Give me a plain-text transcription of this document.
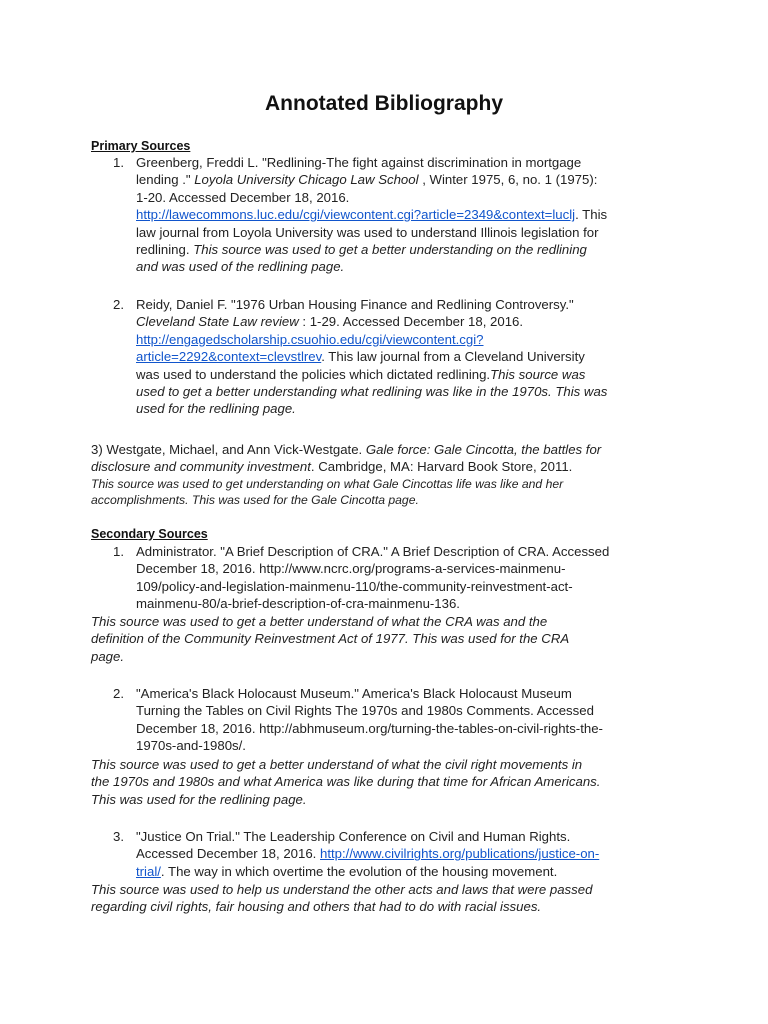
Annotated Bibliography
Primary Sources
1. Greenberg, Freddi L. "Redlining-The fight against discrimination in mortgage
lending ." Loyola University Chicago Law School , Winter 1975, 6, no. 1 (1975):
1-20. Accessed December 18, 2016.
http://lawecommons.luc.edu/cgi/viewcontent.cgi?article=2349&context=luclj. This
law journal from Loyola University was used to understand Illinois legislation for
redlining. This source was used to get a better understanding on the redlining
and was used of the redlining page.
2. Reidy, Daniel F. "1976 Urban Housing Finance and Redlining Controversy."
Cleveland State Law review : 1-29. Accessed December 18, 2016.
http://engagedscholarship.csuohio.edu/cgi/viewcontent.cgi?
article=2292&context=clevstlrev. This law journal from a Cleveland University
was used to understand the policies which dictated redlining.This source was
used to get a better understanding what redlining was like in the 1970s. This was
used for the redlining page.
3) Westgate, Michael, and Ann Vick-Westgate. Gale force: Gale Cincotta, the battles for
disclosure and community investment. Cambridge, MA: Harvard Book Store, 2011.
This source was used to get understanding on what Gale Cincottas life was like and her
accomplishments. This was used for the Gale Cincotta page.
Secondary Sources
1. Administrator. "A Brief Description of CRA." A Brief Description of CRA. Accessed
December 18, 2016. http://www.ncrc.org/programs-a-services-mainmenu-
109/policy-and-legislation-mainmenu-110/the-community-reinvestment-act-
mainmenu-80/a-brief-description-of-cra-mainmenu-136.
This source was used to get a better understand of what the CRA was and the
definition of the Community Reinvestment Act of 1977. This was used for the CRA
page.
2. "America's Black Holocaust Museum." America's Black Holocaust Museum
Turning the Tables on Civil Rights The 1970s and 1980s Comments. Accessed
December 18, 2016. http://abhmuseum.org/turning-the-tables-on-civil-rights-the-
1970s-and-1980s/.
This source was used to get a better understand of what the civil right movements in
the 1970s and 1980s and what America was like during that time for African Americans.
This was used for the redlining page.
3. "Justice On Trial." The Leadership Conference on Civil and Human Rights.
Accessed December 18, 2016. http://www.civilrights.org/publications/justice-on-
trial/. The way in which overtime the evolution of the housing movement.
This source was used to help us understand the other acts and laws that were passed
regarding civil rights, fair housing and others that had to do with racial issues.
